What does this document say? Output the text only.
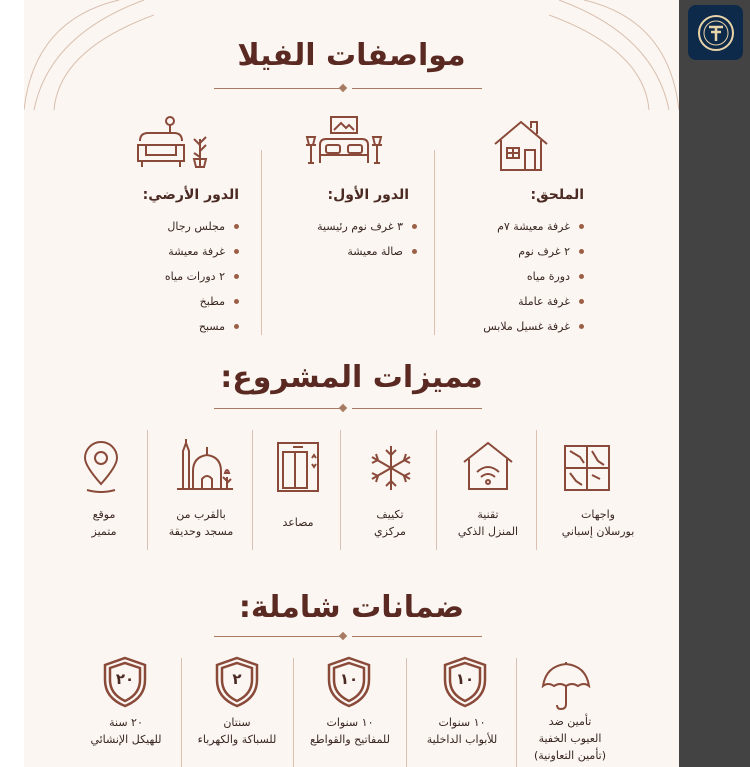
مواصفات الفيلا
الملحق:
الدور الأول:
الدور الأرضي:
غرفة معيشة ٧م
٢ غرف نوم
دورة مياه
غرفة عاملة
غرفة غسيل ملابس
٣ غرف نوم رئيسية
صالة معيشة
مجلس رجال
غرفة معيشة
٢ دورات مياه
مطبخ
مسبح
مميزات المشروع:
واجهات
بورسلان إسباني
تقنية
المنزل الذكي
تكييف
مركزي
مصاعد
بالقرب من
مسجد وحديقة
موقع
متميز
ضمانات شاملة:
١٠
١٠
٢
٢٠
تأمين ضد
العيوب الخفية
(تأمين التعاونية)
١٠ سنوات
للأبواب الداخلية
١٠ سنوات
للمفاتيح والقواطع
سنتان
للسباكة والكهرباء
٢٠ سنة
للهيكل الإنشائي
